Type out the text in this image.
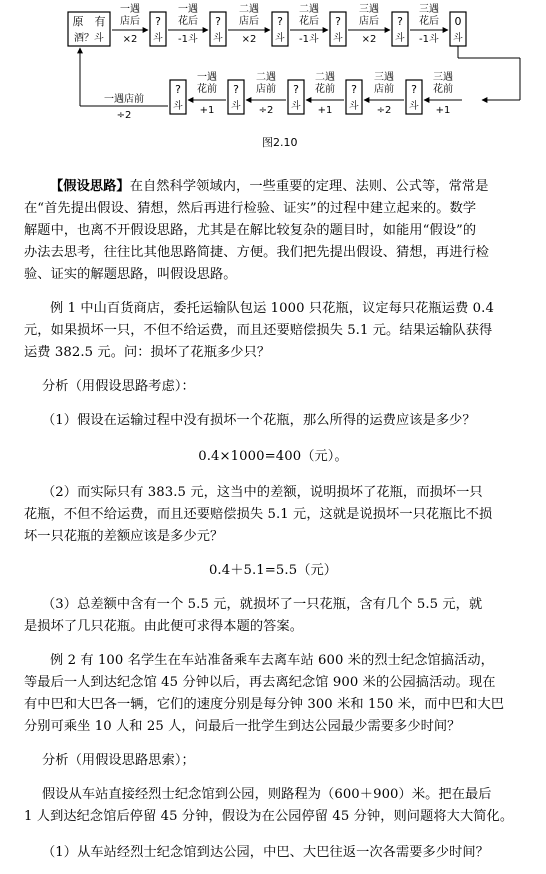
原　有
酒？斗
?
斗
?
斗
?
斗
?
斗
?
斗
0
斗
一遇
店后
×2
一遇
花后
-1斗
二遇
店后
×2
二遇
花后
-1斗
三遇
店后
×2
三遇
花后
-1斗
?
斗
?
斗
?
斗
?
斗
?
斗
一遇店前
÷2
一遇
花前
+1
二遇
店前
÷2
二遇
花前
+1
三遇
店前
÷2
三遇
花前
+1
图2.10

【假设思路】在自然科学领域内，一些重要的定理、法则、公式等，常常是

在“首先提出假设、猜想，然后再进行检验、证实”的过程中建立起来的。数学

解题中，也离不开假设思路，尤其是在解比较复杂的题目时，如能用“假设”的

办法去思考，往往比其他思路简捷、方便。我们把先提出假设、猜想，再进行检

验、证实的解题思路，叫假设思路。

例 1 中山百货商店，委托运输队包运 1000 只花瓶，议定每只花瓶运费 0.4

元，如果损坏一只，不但不给运费，而且还要赔偿损失 5.1 元。结果运输队获得

运费 382.5 元。问：损坏了花瓶多少只？

分析（用假设思路考虑）：

（1）假设在运输过程中没有损坏一个花瓶，那么所得的运费应该是多少？

0.4×1000=400（元）。

（2）而实际只有 383.5 元，这当中的差额，说明损坏了花瓶，而损坏一只

花瓶，不但不给运费，而且还要赔偿损失 5.1 元，这就是说损坏一只花瓶比不损

坏一只花瓶的差额应该是多少元？

0.4＋5.1=5.5（元）

（3）总差额中含有一个 5.5 元，就损坏了一只花瓶，含有几个 5.5 元，就

是损坏了几只花瓶。由此便可求得本题的答案。

例 2 有 100 名学生在车站准备乘车去离车站 600 米的烈士纪念馆搞活动，

等最后一人到达纪念馆 45 分钟以后，再去离纪念馆 900 米的公园搞活动。现在

有中巴和大巴各一辆，它们的速度分别是每分钟 300 米和 150 米，而中巴和大巴

分别可乘坐 10 人和 25 人，问最后一批学生到达公园最少需要多少时间？

分析（用假设思路思索）；

假设从车站直接经烈士纪念馆到公园，则路程为（600＋900）米。把在最后

1 人到达纪念馆后停留 45 分钟，假设为在公园停留 45 分钟，则问题将大大简化。

（1）从车站经烈士纪念馆到达公园，中巴、大巴往返一次各需要多少时间？
